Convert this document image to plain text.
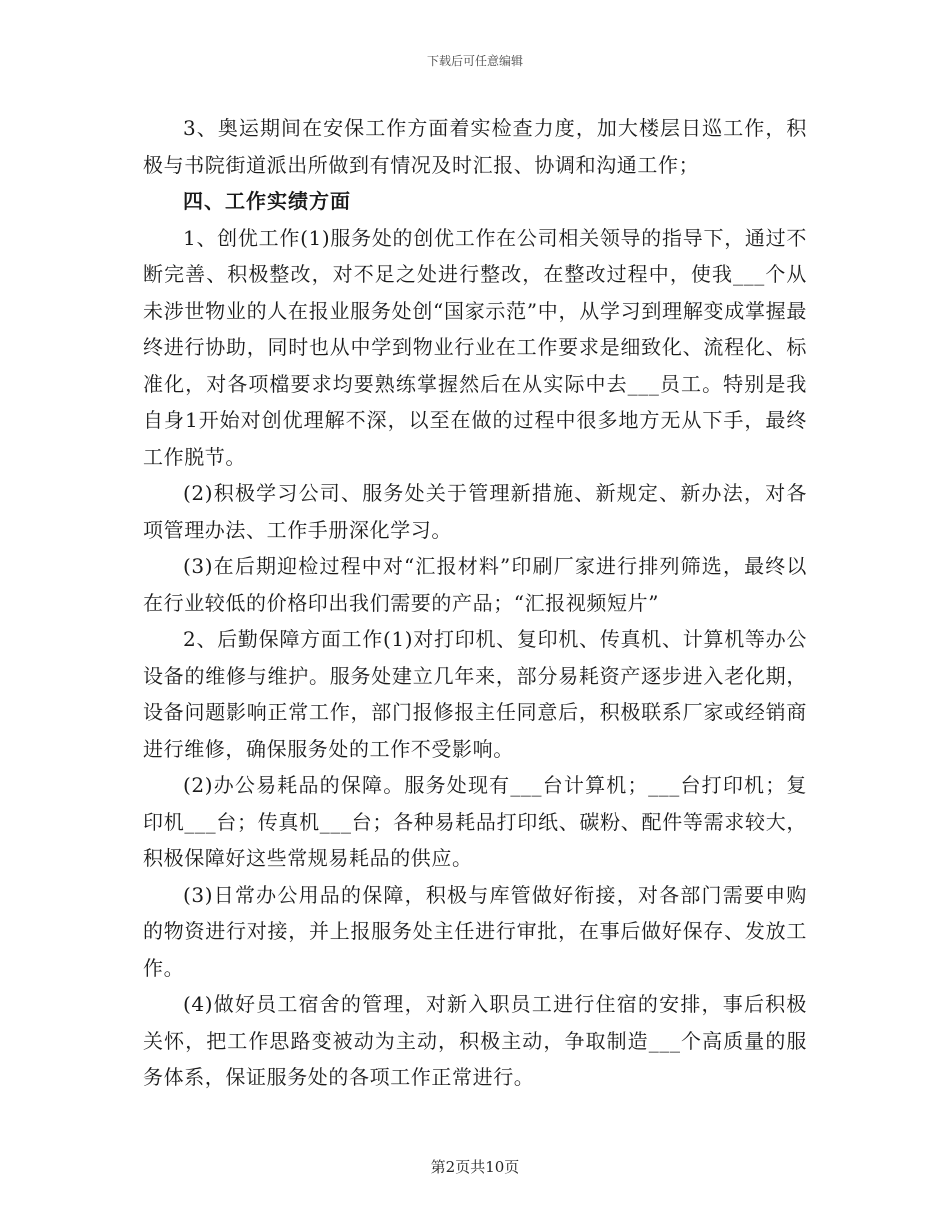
下载后可任意编辑

3、奥运期间在安保工作方面着实检查力度，加大楼层日巡工作，积极与书院街道派出所做到有情况及时汇报、协调和沟通工作；

四、工作实绩方面

1、创优工作(1)服务处的创优工作在公司相关领导的指导下，通过不断完善、积极整改，对不足之处进行整改，在整改过程中，使我___个从未涉世物业的人在报业服务处创“国家示范”中，从学习到理解变成掌握最终进行协助，同时也从中学到物业行业在工作要求是细致化、流程化、标准化，对各项檔要求均要熟练掌握然后在从实际中去___员工。特别是我自身1开始对创优理解不深，以至在做的过程中很多地方无从下手，最终工作脱节。

(2)积极学习公司、服务处关于管理新措施、新规定、新办法，对各项管理办法、工作手册深化学习。

(3)在后期迎检过程中对“汇报材料”印刷厂家进行排列筛选，最终以在行业较低的价格印出我们需要的产品；“汇报视频短片”

2、后勤保障方面工作(1)对打印机、复印机、传真机、计算机等办公设备的维修与维护。服务处建立几年来，部分易耗资产逐步进入老化期，设备问题影响正常工作，部门报修报主任同意后，积极联系厂家或经销商进行维修，确保服务处的工作不受影响。

(2)办公易耗品的保障。服务处现有___台计算机；___台打印机；复印机___台；传真机___台；各种易耗品打印纸、碳粉、配件等需求较大，积极保障好这些常规易耗品的供应。

(3)日常办公用品的保障，积极与库管做好衔接，对各部门需要申购的物资进行对接，并上报服务处主任进行审批，在事后做好保存、发放工作。

(4)做好员工宿舍的管理，对新入职员工进行住宿的安排，事后积极关怀，把工作思路变被动为主动，积极主动，争取制造___个高质量的服务体系，保证服务处的各项工作正常进行。

第2页共10页
